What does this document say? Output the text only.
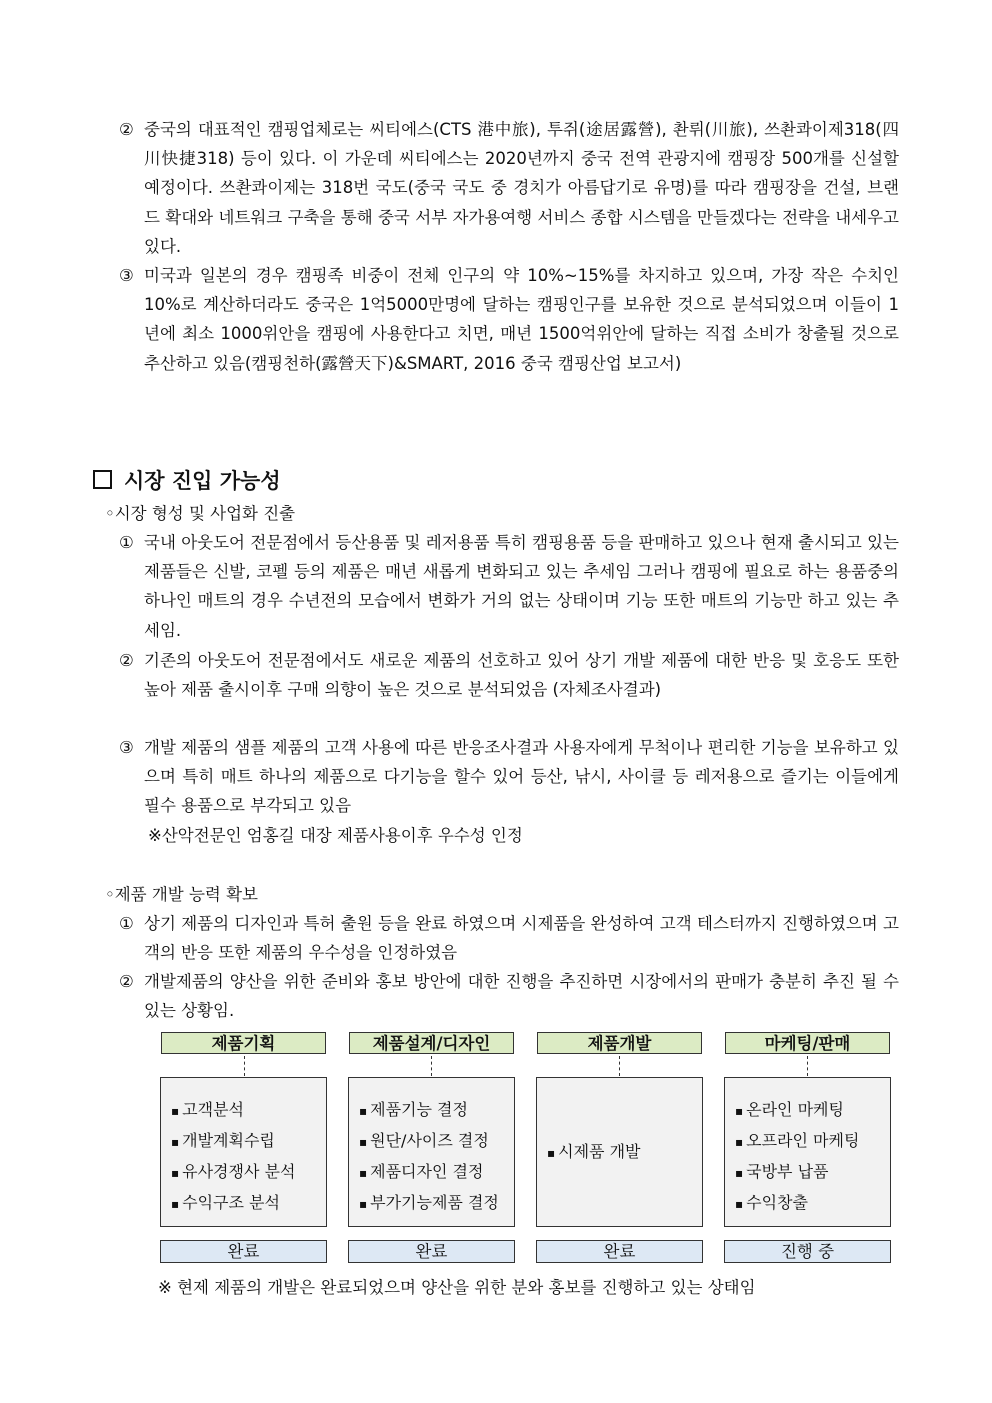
② 중국의 대표적인 캠핑업체로는 씨티에스(CTS 港中旅), 투쥐(途居露營), 촨뤼(川旅), 쓰촨콰이제318(四川快捷318) 등이 있다. 이 가운데 씨티에스는 2020년까지 중국 전역 관광지에 캠핑장 500개를 신설할 예정이다. 쓰촨콰이제는 318번 국도(중국 국도 중 경치가 아름답기로 유명)를 따라 캠핑장을 건설, 브랜드 확대와 네트워크 구축을 통해 중국 서부 자가용여행 서비스 종합 시스템을 만들겠다는 전략을 내세우고 있다.
③ 미국과 일본의 경우 캠핑족 비중이 전체 인구의 약 10%~15%를 차지하고 있으며, 가장 작은 수치인 10%로 계산하더라도 중국은 1억5000만명에 달하는 캠핑인구를 보유한 것으로 분석되었으며 이들이 1년에 최소 1000위안을 캠핑에 사용한다고 치면, 매년 1500억위안에 달하는 직접 소비가 창출될 것으로 추산하고 있음(캠핑천하(露營天下)&SMART, 2016 중국 캠핑산업 보고서)
시장 진입 가능성
◦시장 형성 및 사업화 진출
① 국내 아웃도어 전문점에서 등산용품 및 레저용품 특히 캠핑용품 등을 판매하고 있으나 현재 출시되고 있는 제품들은 신발, 코펠 등의 제품은 매년 새롭게 변화되고 있는 추세임 그러나 캠핑에 필요로 하는 용품중의 하나인 매트의 경우 수년전의 모습에서 변화가 거의 없는 상태이며 기능 또한 매트의 기능만 하고 있는 추세임.
② 기존의 아웃도어 전문점에서도 새로운 제품의 선호하고 있어 상기 개발 제품에 대한 반응 및 호응도 또한 높아 제품 출시이후 구매 의향이 높은 것으로 분석되었음 (자체조사결과)
③ 개발 제품의 샘플 제품의 고객 사용에 따른 반응조사결과 사용자에게 무척이나 편리한 기능을 보유하고 있으며 특히 매트 하나의 제품으로 다기능을 할수 있어 등산, 낚시, 사이클 등 레저용으로 즐기는 이들에게 필수 용품으로 부각되고 있음
※산악전문인 엄홍길 대장 제품사용이후 우수성 인정
◦제품 개발 능력 확보
① 상기 제품의 디자인과 특허 출원 등을 완료 하였으며 시제품을 완성하여 고객 테스터까지 진행하였으며 고객의 반응 또한 제품의 우수성을 인정하였음
② 개발제품의 양산을 위한 준비와 홍보 방안에 대한 진행을 추진하면 시장에서의 판매가 충분히 추진 될 수 있는 상황임.
제품기획
▪ 고객분석
▪ 개발계획수립
▪ 유사경쟁사 분석
▪ 수익구조 분석
완료
제품설계/디자인
▪ 제품기능 결정
▪ 원단/사이즈 결정
▪ 제품디자인 결정
▪ 부가기능제품 결정
완료
제품개발
▪ 시제품 개발
완료
마케팅/판매
▪ 온라인 마케팅
▪ 오프라인 마케팅
▪ 국방부 납품
▪ 수익창출
진행 중
※ 현제 제품의 개발은 완료되었으며 양산을 위한 분와 홍보를 진행하고 있는 상태임
